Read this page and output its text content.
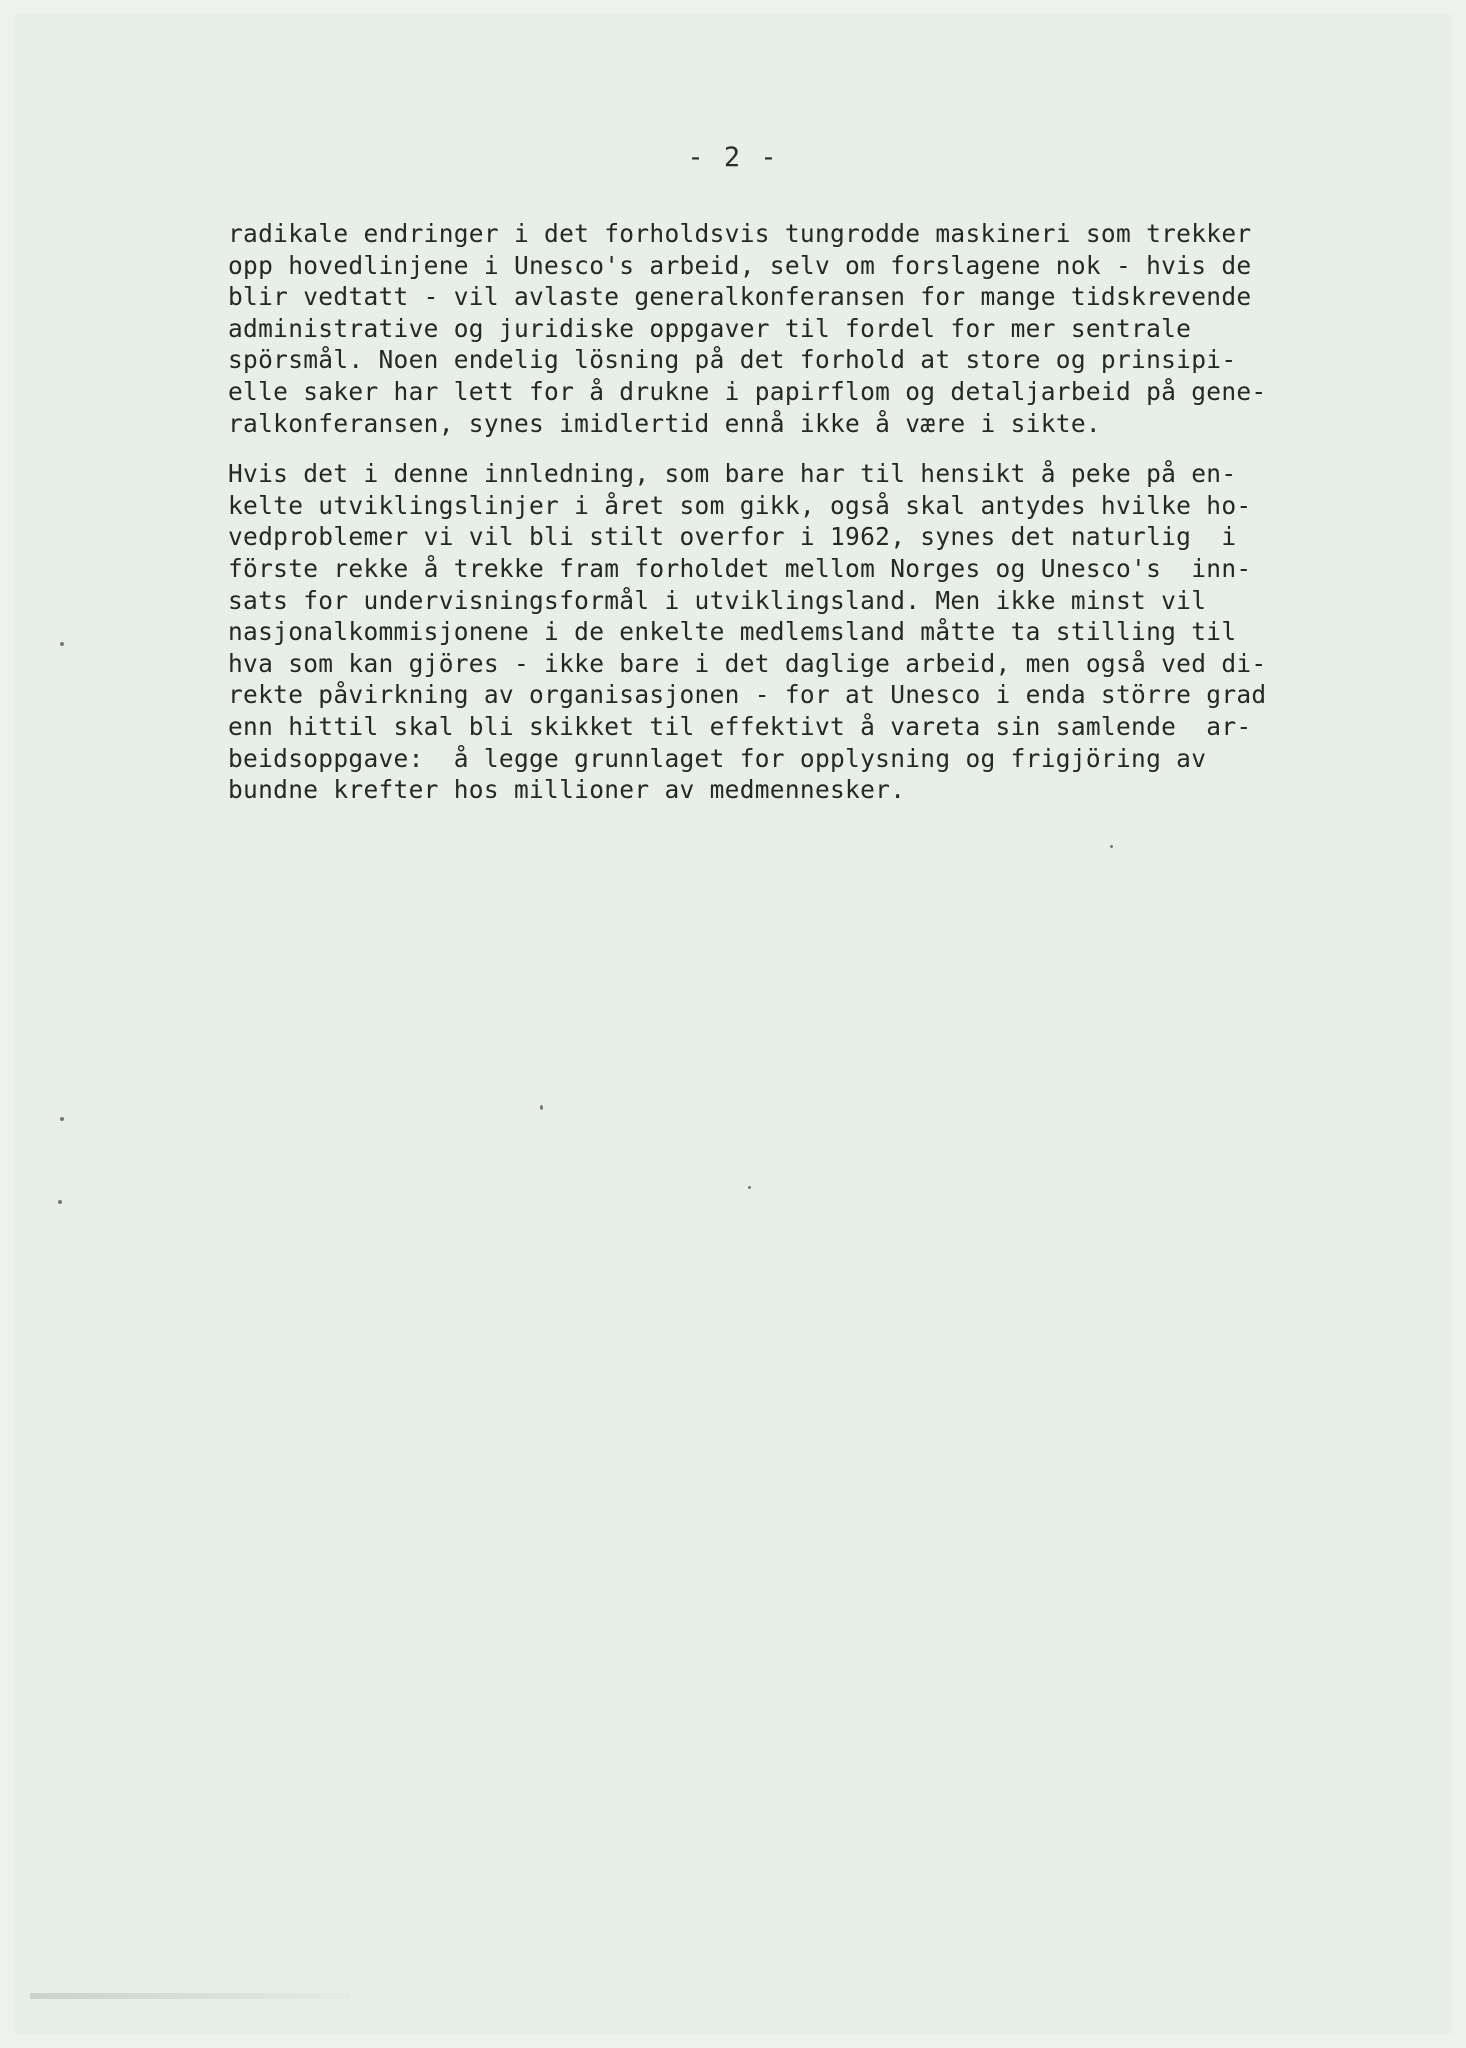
- 2 -
radikale endringer i det forholdsvis tungrodde maskineri som trekker
opp hovedlinjene i Unesco's arbeid, selv om forslagene nok - hvis de
blir vedtatt - vil avlaste generalkonferansen for mange tidskrevende
administrative og juridiske oppgaver til fordel for mer sentrale
spörsmål. Noen endelig lösning på det forhold at store og prinsipi-
elle saker har lett for å drukne i papirflom og detaljarbeid på gene-
ralkonferansen, synes imidlertid ennå ikke å være i sikte.
Hvis det i denne innledning, som bare har til hensikt å peke på en-
kelte utviklingslinjer i året som gikk, også skal antydes hvilke ho-
vedproblemer vi vil bli stilt overfor i 1962, synes det naturlig  i
förste rekke å trekke fram forholdet mellom Norges og Unesco's  inn-
sats for undervisningsformål i utviklingsland. Men ikke minst vil
nasjonalkommisjonene i de enkelte medlemsland måtte ta stilling til
hva som kan gjöres - ikke bare i det daglige arbeid, men også ved di-
rekte påvirkning av organisasjonen - for at Unesco i enda större grad
enn hittil skal bli skikket til effektivt å vareta sin samlende  ar-
beidsoppgave:  å legge grunnlaget for opplysning og frigjöring av
bundne krefter hos millioner av medmennesker.
